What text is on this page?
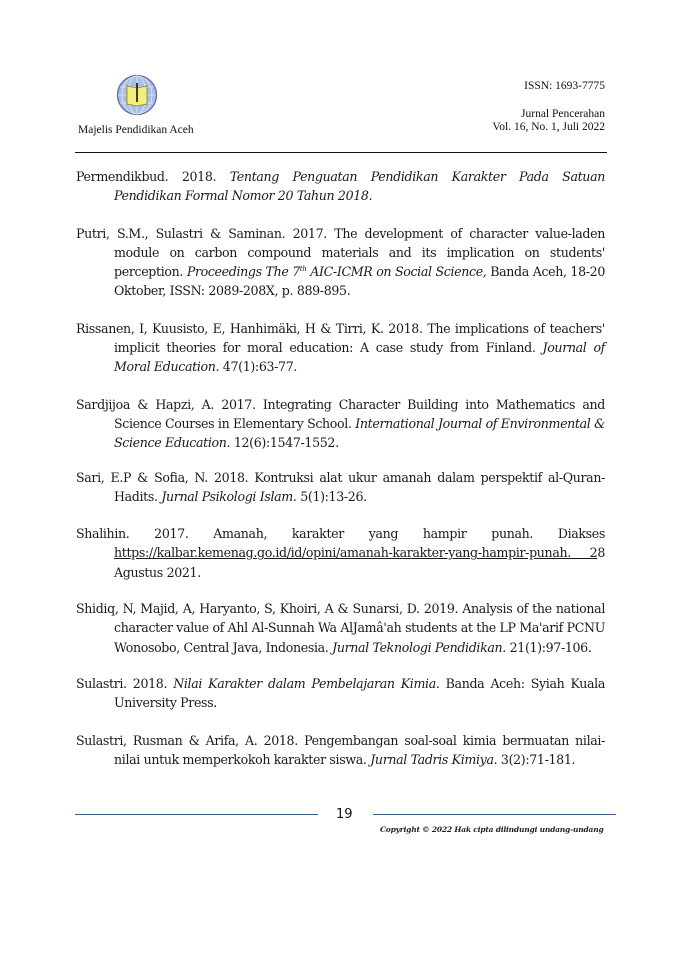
Majelis Pendidikan Aceh
ISSN: 1693-7775
Jurnal Pencerahan
Vol. 16, No. 1, Juli 2022

Permendikbud. 2018. Tentang Penguatan Pendidikan Karakter Pada Satuan Pendidikan Formal Nomor 20 Tahun 2018.

Putri, S.M., Sulastri & Saminan. 2017. The development of character value-laden module on carbon compound materials and its implication on students' perception. Proceedings The 7th AIC-ICMR on Social Science, Banda Aceh, 18-20 Oktober, ISSN: 2089-208X, p. 889-895.

Rissanen, I, Kuusisto, E, Hanhimäki, H & Tirri, K. 2018. The implications of teachers' implicit theories for moral education: A case study from Finland. Journal of Moral Education. 47(1):63-77.

Sardjijoa & Hapzi, A. 2017. Integrating Character Building into Mathematics and Science Courses in Elementary School. International Journal of Environmental & Science Education. 12(6):1547-1552.

Sari, E.P & Sofia, N. 2018. Kontruksi alat ukur amanah dalam perspektif al-Quran-Hadits. Jurnal Psikologi Islam. 5(1):13-26.

Shalihin. 2017. Amanah, karakter yang hampir punah. Diakses https://kalbar.kemenag.go.id/id/opini/amanah-karakter-yang-hampir-punah. 28 Agustus 2021.

Shidiq, N, Majid, A, Haryanto, S, Khoiri, A & Sunarsi, D. 2019. Analysis of the national character value of Ahl Al-Sunnah Wa AlJamâ'ah students at the LP Ma'arif PCNU Wonosobo, Central Java, Indonesia. Jurnal Teknologi Pendidikan. 21(1):97-106.

Sulastri. 2018. Nilai Karakter dalam Pembelajaran Kimia. Banda Aceh: Syiah Kuala University Press.

Sulastri, Rusman & Arifa, A. 2018. Pengembangan soal-soal kimia bermuatan nilai-nilai untuk memperkokoh karakter siswa. Jurnal Tadris Kimiya. 3(2):71-181.

19
Copyright © 2022 Hak cipta dilindungi undang-undang
